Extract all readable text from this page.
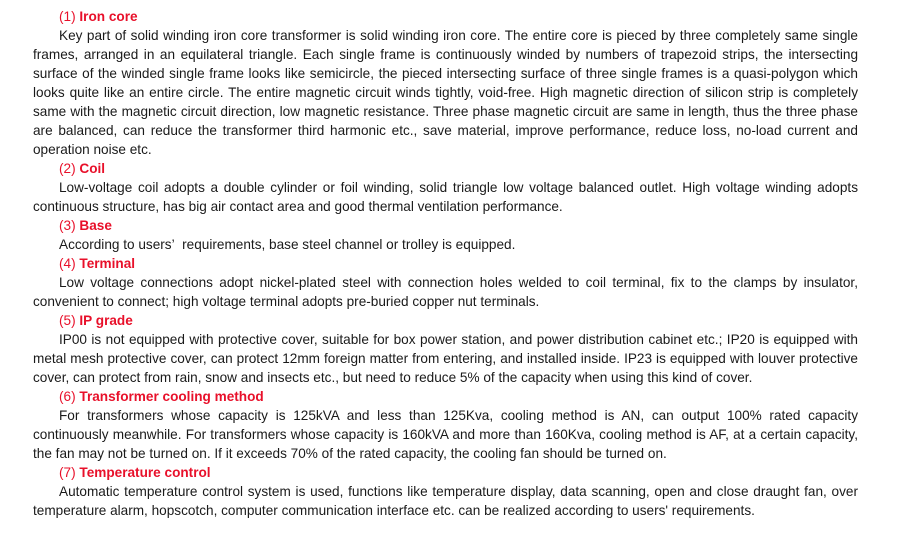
(1) Iron core

Key part of solid winding iron core transformer is solid winding iron core. The entire core is pieced by three completely same single frames, arranged in an equilateral triangle. Each single frame is continuously winded by numbers of trapezoid strips, the intersecting surface of the winded single frame looks like semicircle, the pieced intersecting surface of three single frames is a quasi-polygon which looks quite like an entire circle. The entire magnetic circuit winds tightly, void-free. High magnetic direction of silicon strip is completely same with the magnetic circuit direction, low magnetic resistance. Three phase magnetic circuit are same in length, thus the three phase are balanced, can reduce the transformer third harmonic etc., save material, improve performance, reduce loss, no-load current and operation noise etc.

(2) Coil

Low-voltage coil adopts a double cylinder or foil winding, solid triangle low voltage balanced outlet. High voltage winding adopts continuous structure, has big air contact area and good thermal ventilation performance.

(3) Base

According to users’  requirements, base steel channel or trolley is equipped.

(4) Terminal

Low voltage connections adopt nickel-plated steel with connection holes welded to coil terminal, fix to the clamps by insulator, convenient to connect; high voltage terminal adopts pre-buried copper nut terminals.

(5) IP grade

IP00 is not equipped with protective cover, suitable for box power station, and power distribution cabinet etc.; IP20 is equipped with metal mesh protective cover, can protect 12mm foreign matter from entering, and installed inside. IP23 is equipped with louver protective cover, can protect from rain, snow and insects etc., but need to reduce 5% of the capacity when using this kind of cover.

(6) Transformer cooling method

For transformers whose capacity is 125kVA and less than 125Kva, cooling method is AN, can output 100% rated capacity continuously meanwhile. For transformers whose capacity is 160kVA and more than 160Kva, cooling method is AF, at a certain capacity, the fan may not be turned on. If it exceeds 70% of the rated capacity, the cooling fan should be turned on.

(7) Temperature control

Automatic temperature control system is used, functions like temperature display, data scanning, open and close draught fan, over temperature alarm, hopscotch, computer communication interface etc. can be realized according to users' requirements.
